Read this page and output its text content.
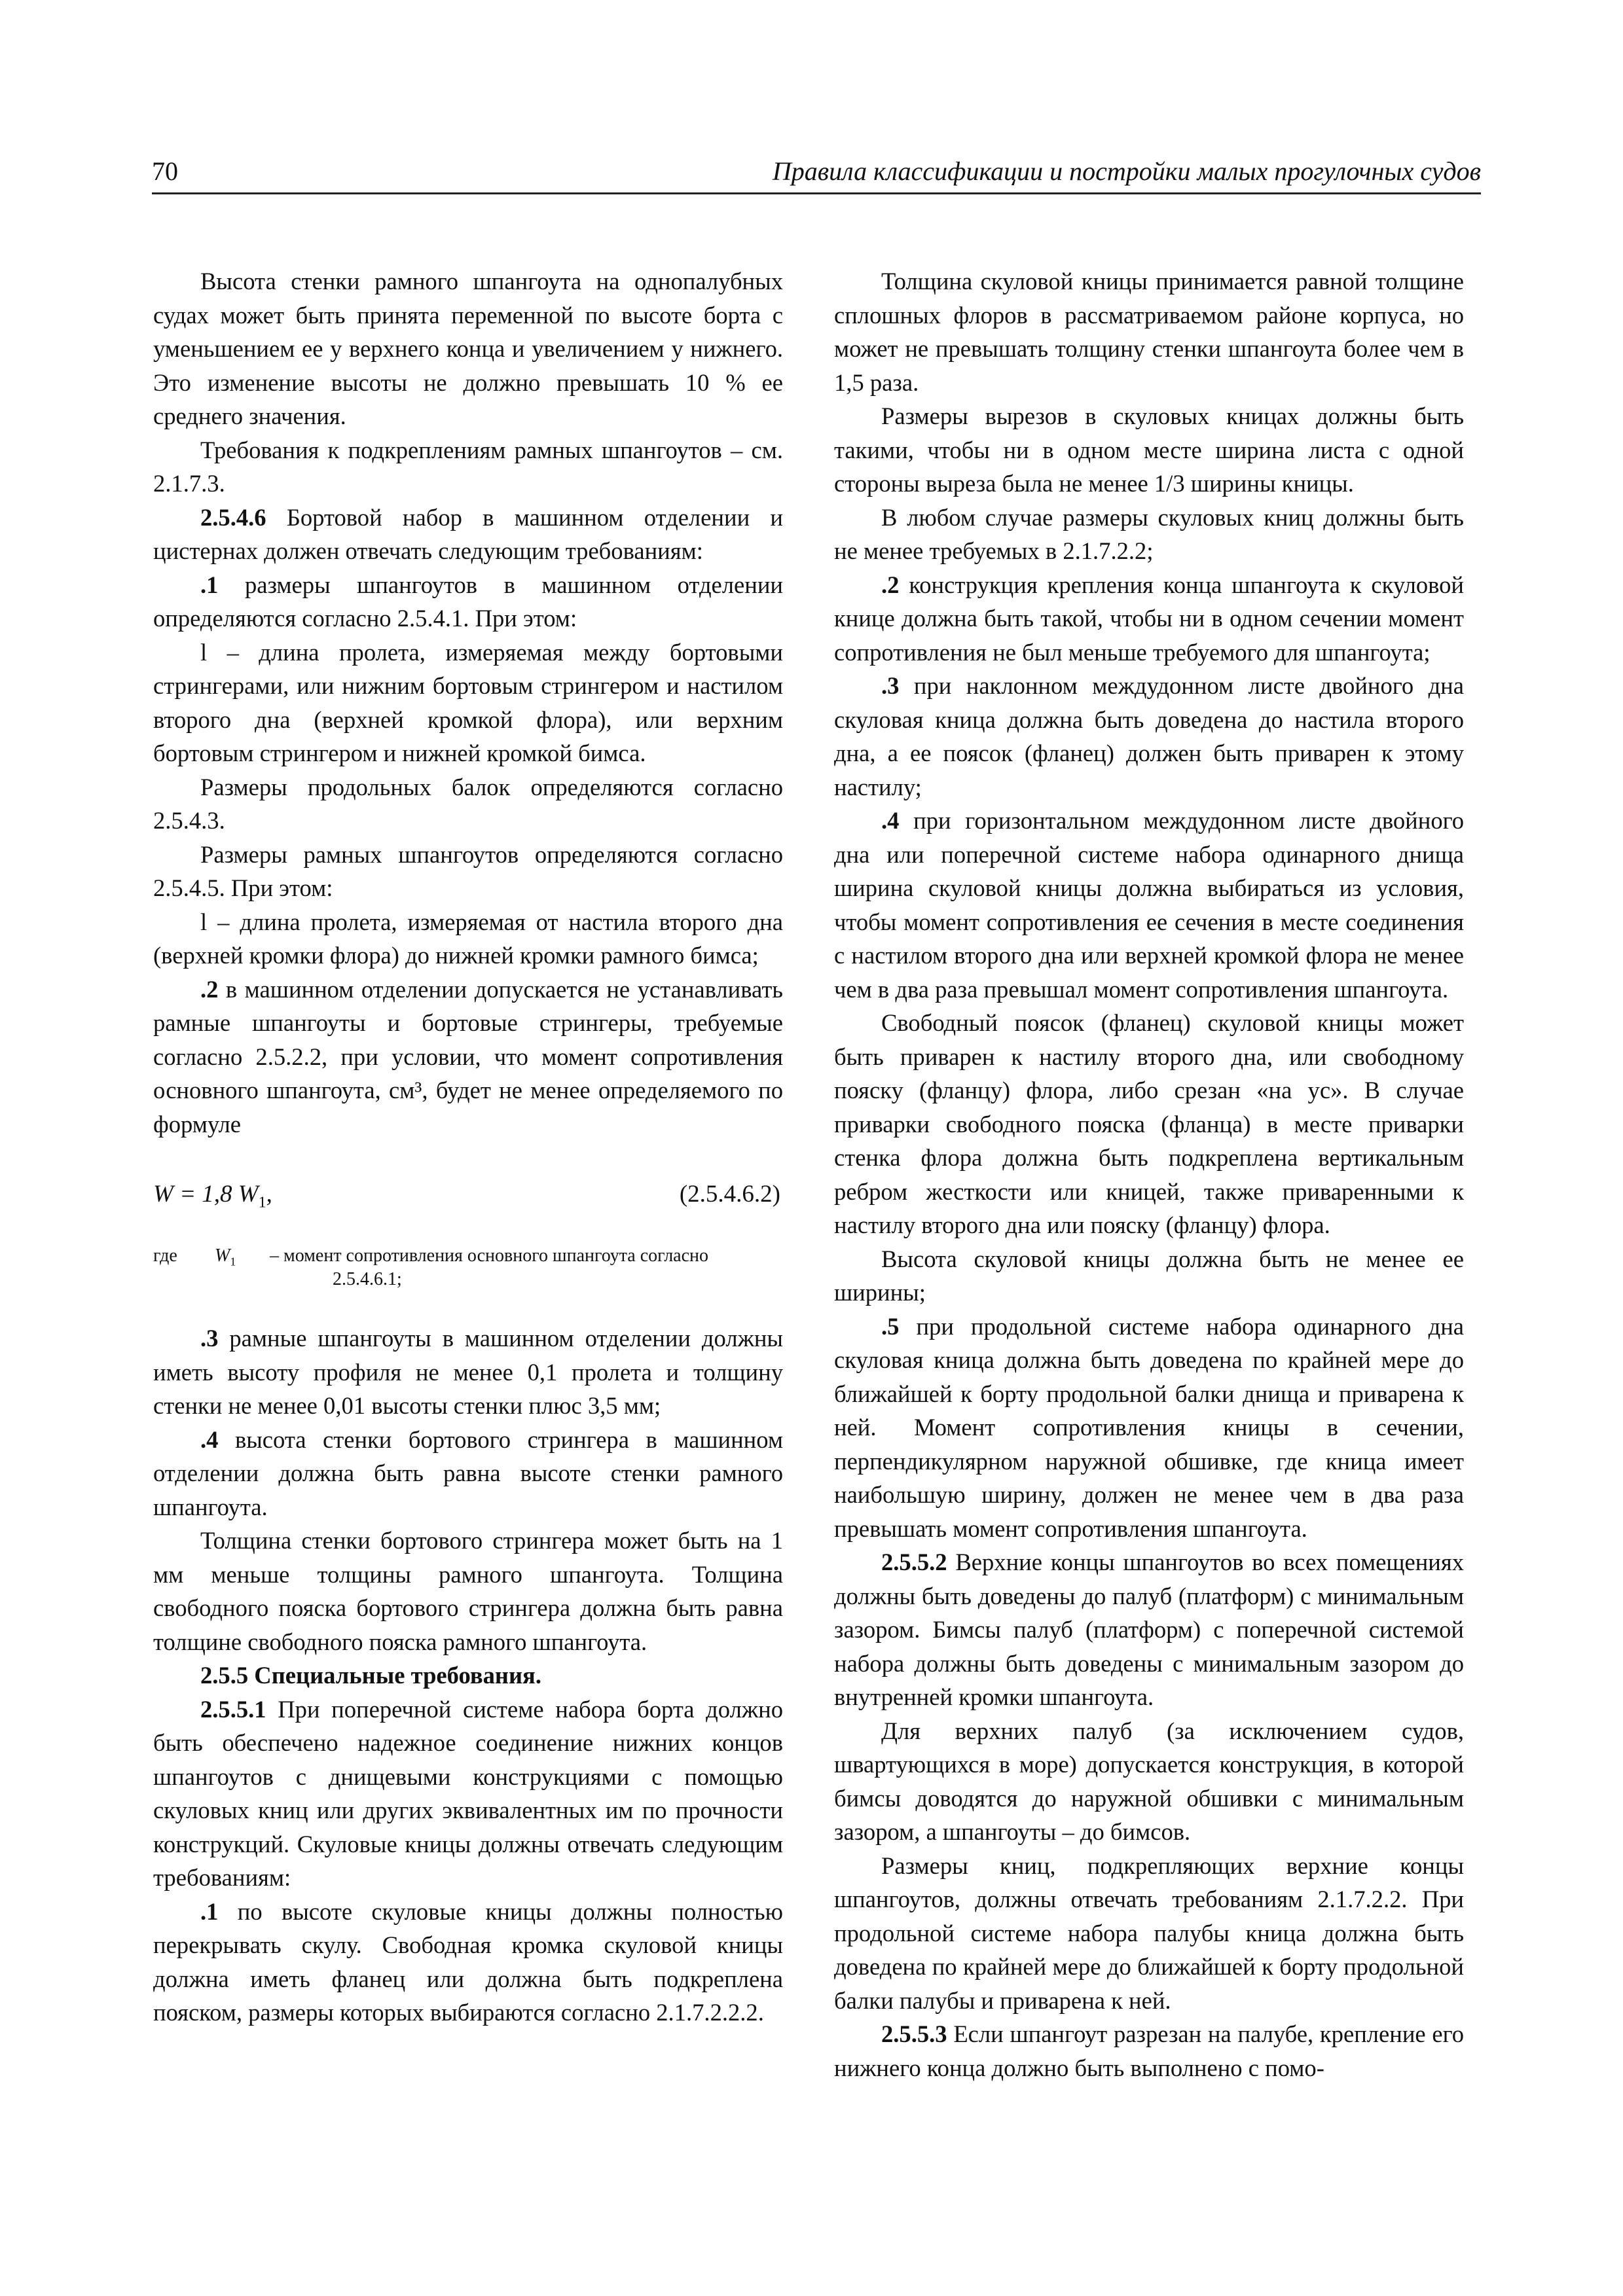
70	Правила классификации и постройки малых прогулочных судов

Высота стенки рамного шпангоута на однопалубных судах может быть принята переменной по высоте борта с уменьшением ее у верхнего конца и увеличением у нижнего. Это изменение высоты не должно превышать 10 % ее среднего значения.

Требования к подкреплениям рамных шпангоутов – см. 2.1.7.3.

2.5.4.6 Бортовой набор в машинном отделении и цистернах должен отвечать следующим требованиям:

.1 размеры шпангоутов в машинном отделении определяются согласно 2.5.4.1. При этом:

l – длина пролета, измеряемая между бортовыми стрингерами, или нижним бортовым стрингером и настилом второго дна (верхней кромкой флора), или верхним бортовым стрингером и нижней кромкой бимса.

Размеры продольных балок определяются согласно 2.5.4.3.

Размеры рамных шпангоутов определяются согласно 2.5.4.5. При этом:

l – длина пролета, измеряемая от настила второго дна (верхней кромки флора) до нижней кромки рамного бимса;

.2 в машинном отделении допускается не устанавливать рамные шпангоуты и бортовые стрингеры, требуемые согласно 2.5.2.2, при условии, что момент сопротивления основного шпангоута, см³, будет не менее определяемого по формуле

W = 1,8 $W_1$,	(2.5.4.6.2)
где $W_1$ – момент сопротивления основного шпангоута согласно
2.5.4.6.1;

.3 рамные шпангоуты в машинном отделении должны иметь высоту профиля не менее 0,1 пролета и толщину стенки не менее 0,01 высоты стенки плюс 3,5 мм;

.4 высота стенки бортового стрингера в машинном отделении должна быть равна высоте стенки рамного шпангоута.

Толщина стенки бортового стрингера может быть на 1 мм меньше толщины рамного шпангоута. Толщина свободного пояска бортового стрингера должна быть равна толщине свободного пояска рамного шпангоута.

2.5.5 Специальные требования.

2.5.5.1 При поперечной системе набора борта должно быть обеспечено надежное соединение нижних концов шпангоутов с днищевыми конструкциями с помощью скуловых книц или других эквивалентных им по прочности конструкций. Скуловые кницы должны отвечать следующим требованиям:

.1 по высоте скуловые кницы должны полностью перекрывать скулу. Свободная кромка скуловой кницы должна иметь фланец или должна быть подкреплена пояском, размеры которых выбираются согласно 2.1.7.2.2.2.

Толщина скуловой кницы принимается равной толщине сплошных флоров в рассматриваемом районе корпуса, но может не превышать толщину стенки шпангоута более чем в 1,5 раза.

Размеры вырезов в скуловых кницах должны быть такими, чтобы ни в одном месте ширина листа с одной стороны выреза была не менее 1/3 ширины кницы.

В любом случае размеры скуловых книц должны быть не менее требуемых в 2.1.7.2.2;

.2 конструкция крепления конца шпангоута к скуловой книце должна быть такой, чтобы ни в одном сечении момент сопротивления не был меньше требуемого для шпангоута;

.3 при наклонном междудонном листе двойного дна скуловая кница должна быть доведена до настила второго дна, а ее поясок (фланец) должен быть приварен к этому настилу;

.4 при горизонтальном междудонном листе двойного дна или поперечной системе набора одинарного днища ширина скуловой кницы должна выбираться из условия, чтобы момент сопротивления ее сечения в месте соединения с настилом второго дна или верхней кромкой флора не менее чем в два раза превышал момент сопротивления шпангоута.

Свободный поясок (фланец) скуловой кницы может быть приварен к настилу второго дна, или свободному пояску (фланцу) флора, либо срезан «на ус». В случае приварки свободного пояска (фланца) в месте приварки стенка флора должна быть подкреплена вертикальным ребром жесткости или кницей, также приваренными к настилу второго дна или пояску (фланцу) флора.

Высота скуловой кницы должна быть не менее ее ширины;

.5 при продольной системе набора одинарного дна скуловая кница должна быть доведена по крайней мере до ближайшей к борту продольной балки днища и приварена к ней. Момент сопротивления кницы в сечении, перпендикулярном наружной обшивке, где кница имеет наибольшую ширину, должен не менее чем в два раза превышать момент сопротивления шпангоута.

2.5.5.2 Верхние концы шпангоутов во всех помещениях должны быть доведены до палуб (платформ) с минимальным зазором. Бимсы палуб (платформ) с поперечной системой набора должны быть доведены с минимальным зазором до внутренней кромки шпангоута.

Для верхних палуб (за исключением судов, швартующихся в море) допускается конструкция, в которой бимсы доводятся до наружной обшивки с минимальным зазором, а шпангоуты – до бимсов.

Размеры книц, подкрепляющих верхние концы шпангоутов, должны отвечать требованиям 2.1.7.2.2. При продольной системе набора палубы кница должна быть доведена по крайней мере до ближайшей к борту продольной балки палубы и приварена к ней.

2.5.5.3 Если шпангоут разрезан на палубе, крепление его нижнего конца должно быть выполнено с помо-
